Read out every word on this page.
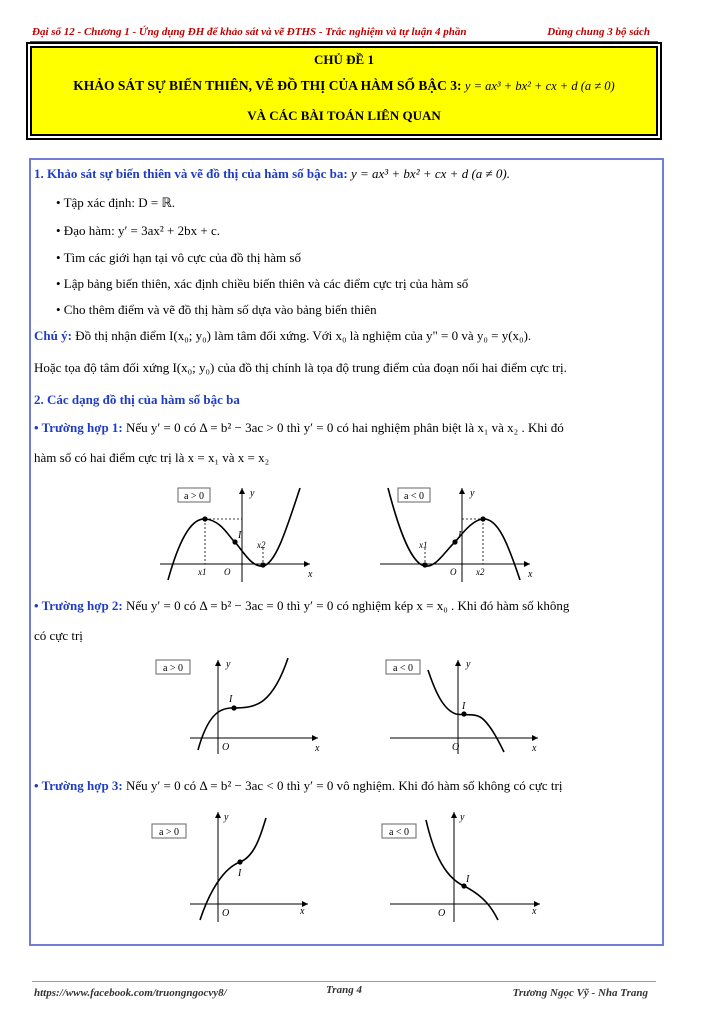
Đại số 12 - Chương 1 - Ứng dụng ĐH để khảo sát và vẽ ĐTHS - Trắc nghiệm và tự luận 4 phần	Dùng chung 3 bộ sách
CHỦ ĐỀ 1
KHẢO SÁT SỰ BIẾN THIÊN, VẼ ĐỒ THỊ CỦA HÀM SỐ BẬC 3: y = ax³ + bx² + cx + d (a ≠ 0)
VÀ CÁC BÀI TOÁN LIÊN QUAN
1. Khảo sát sự biến thiên và vẽ đồ thị của hàm số bậc ba: y = ax³ + bx² + cx + d (a ≠ 0).
• Tập xác định: D = ℝ.
• Đạo hàm: y′ = 3ax² + 2bx + c.
• Tìm các giới hạn tại vô cực của đồ thị hàm số
• Lập bảng biến thiên, xác định chiều biến thiên và các điểm cực trị của hàm số
• Cho thêm điểm và vẽ đồ thị hàm số dựa vào bảng biến thiên
Chú ý: Đồ thị nhận điểm I(x₀; y₀) làm tâm đối xứng. Với x₀ là nghiệm của y" = 0 và y₀ = y(x₀).
Hoặc tọa độ tâm đối xứng I(x₀; y₀) của đồ thị chính là tọa độ trung điểm của đoạn nối hai điểm cực trị.
2. Các dạng đồ thị của hàm số bậc ba
• Trường hợp 1: Nếu y′ = 0 có Δ = b² − 3ac > 0 thì y′ = 0 có hai nghiệm phân biệt là x₁ và x₂ . Khi đó
hàm số có hai điểm cực trị là x = x₁ và x = x₂
a > 0	y
x
I
x1 O
x2
a < 0	y
x
I
x1
O x2
• Trường hợp 2: Nếu y′ = 0 có Δ = b² − 3ac = 0 thì y′ = 0 có nghiệm kép x = x₀ . Khi đó hàm số không
có cực trị
a > 0	y
x
I
O
a < 0	y
x
I
O
• Trường hợp 3: Nếu y′ = 0 có Δ = b² − 3ac < 0 thì y′ = 0 vô nghiệm. Khi đó hàm số không có cực trị
a > 0
y
x
I
O
a < 0
y
x
I
O
https://www.facebook.com/truongngocvy8/	Trang 4	Trương Ngọc Vỹ - Nha Trang
